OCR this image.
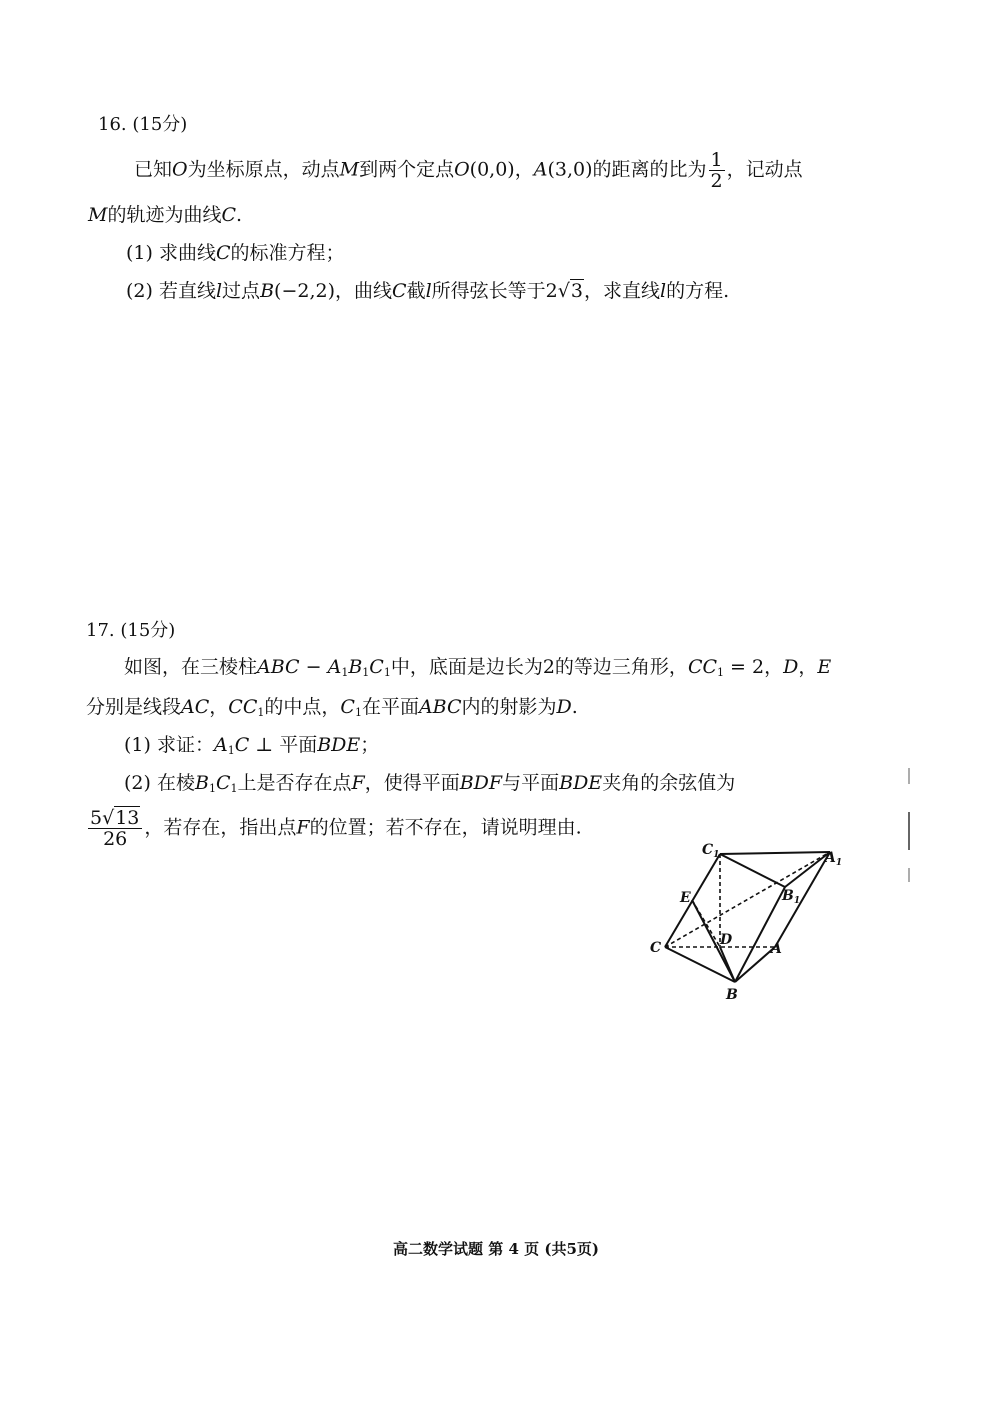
16. (15分)
已知O为坐标原点，动点M到两个定点O(0,0)，A(3,0)的距离的比为 $\frac{1}{2}$ ，记动点
M的轨迹为曲线C.
(1) 求曲线C的标准方程；
(2) 若直线l过点B(−2,2)，曲线C截l所得弦长等于2√3，求直线l的方程.
17. (15分)
如图，在三棱柱ABC − $A_1B_1C_1$中，底面是边长为2的等边三角形，$CC_1 = 2$，D，E
分别是线段AC，$CC_1$的中点，$C_1$在平面ABC内的射影为D.
(1) 求证：$A_1C$ ⊥ 平面BDE；
(2) 在棱$B_1C_1$上是否存在点F，使得平面BDF与平面BDE夹角的余弦值为
$\frac{5√13}{26}$ ，若存在，指出点F的位置；若不存在，请说明理由.
$C_1$	$A_1$
$B_1$
E
C	D
A
B
高二数学试题 第 4 页 (共5页)
